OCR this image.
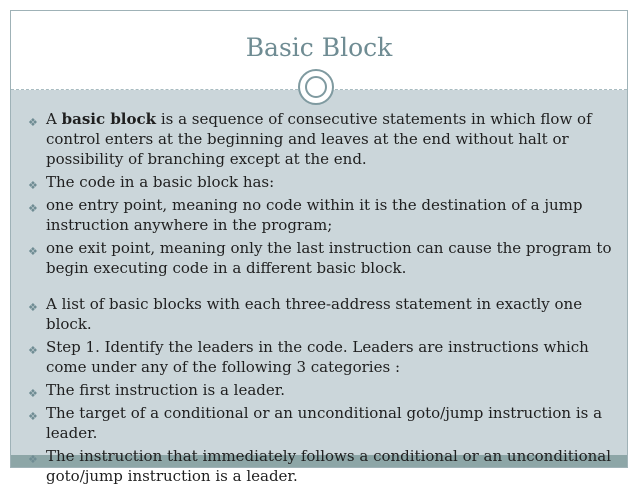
Basic Block
❖ A basic block is a sequence of consecutive statements in which flow of control enters at the beginning and leaves at the end without halt or possibility of branching except at the end.
❖ The code in a basic block has:
❖ one entry point, meaning no code within it is the destination of a jump instruction anywhere in the program;
❖ one exit point, meaning only the last instruction can cause the program to begin executing code in a different basic block.
❖ A list of basic blocks with each three-address statement in exactly one block.
❖ Step 1. Identify the leaders in the code. Leaders are instructions which come under any of the following 3 categories :
❖ The first instruction is a leader.
❖ The target of a conditional or an unconditional goto/jump instruction is a leader.
❖ The instruction that immediately follows a conditional or an unconditional goto/jump instruction is a leader.
